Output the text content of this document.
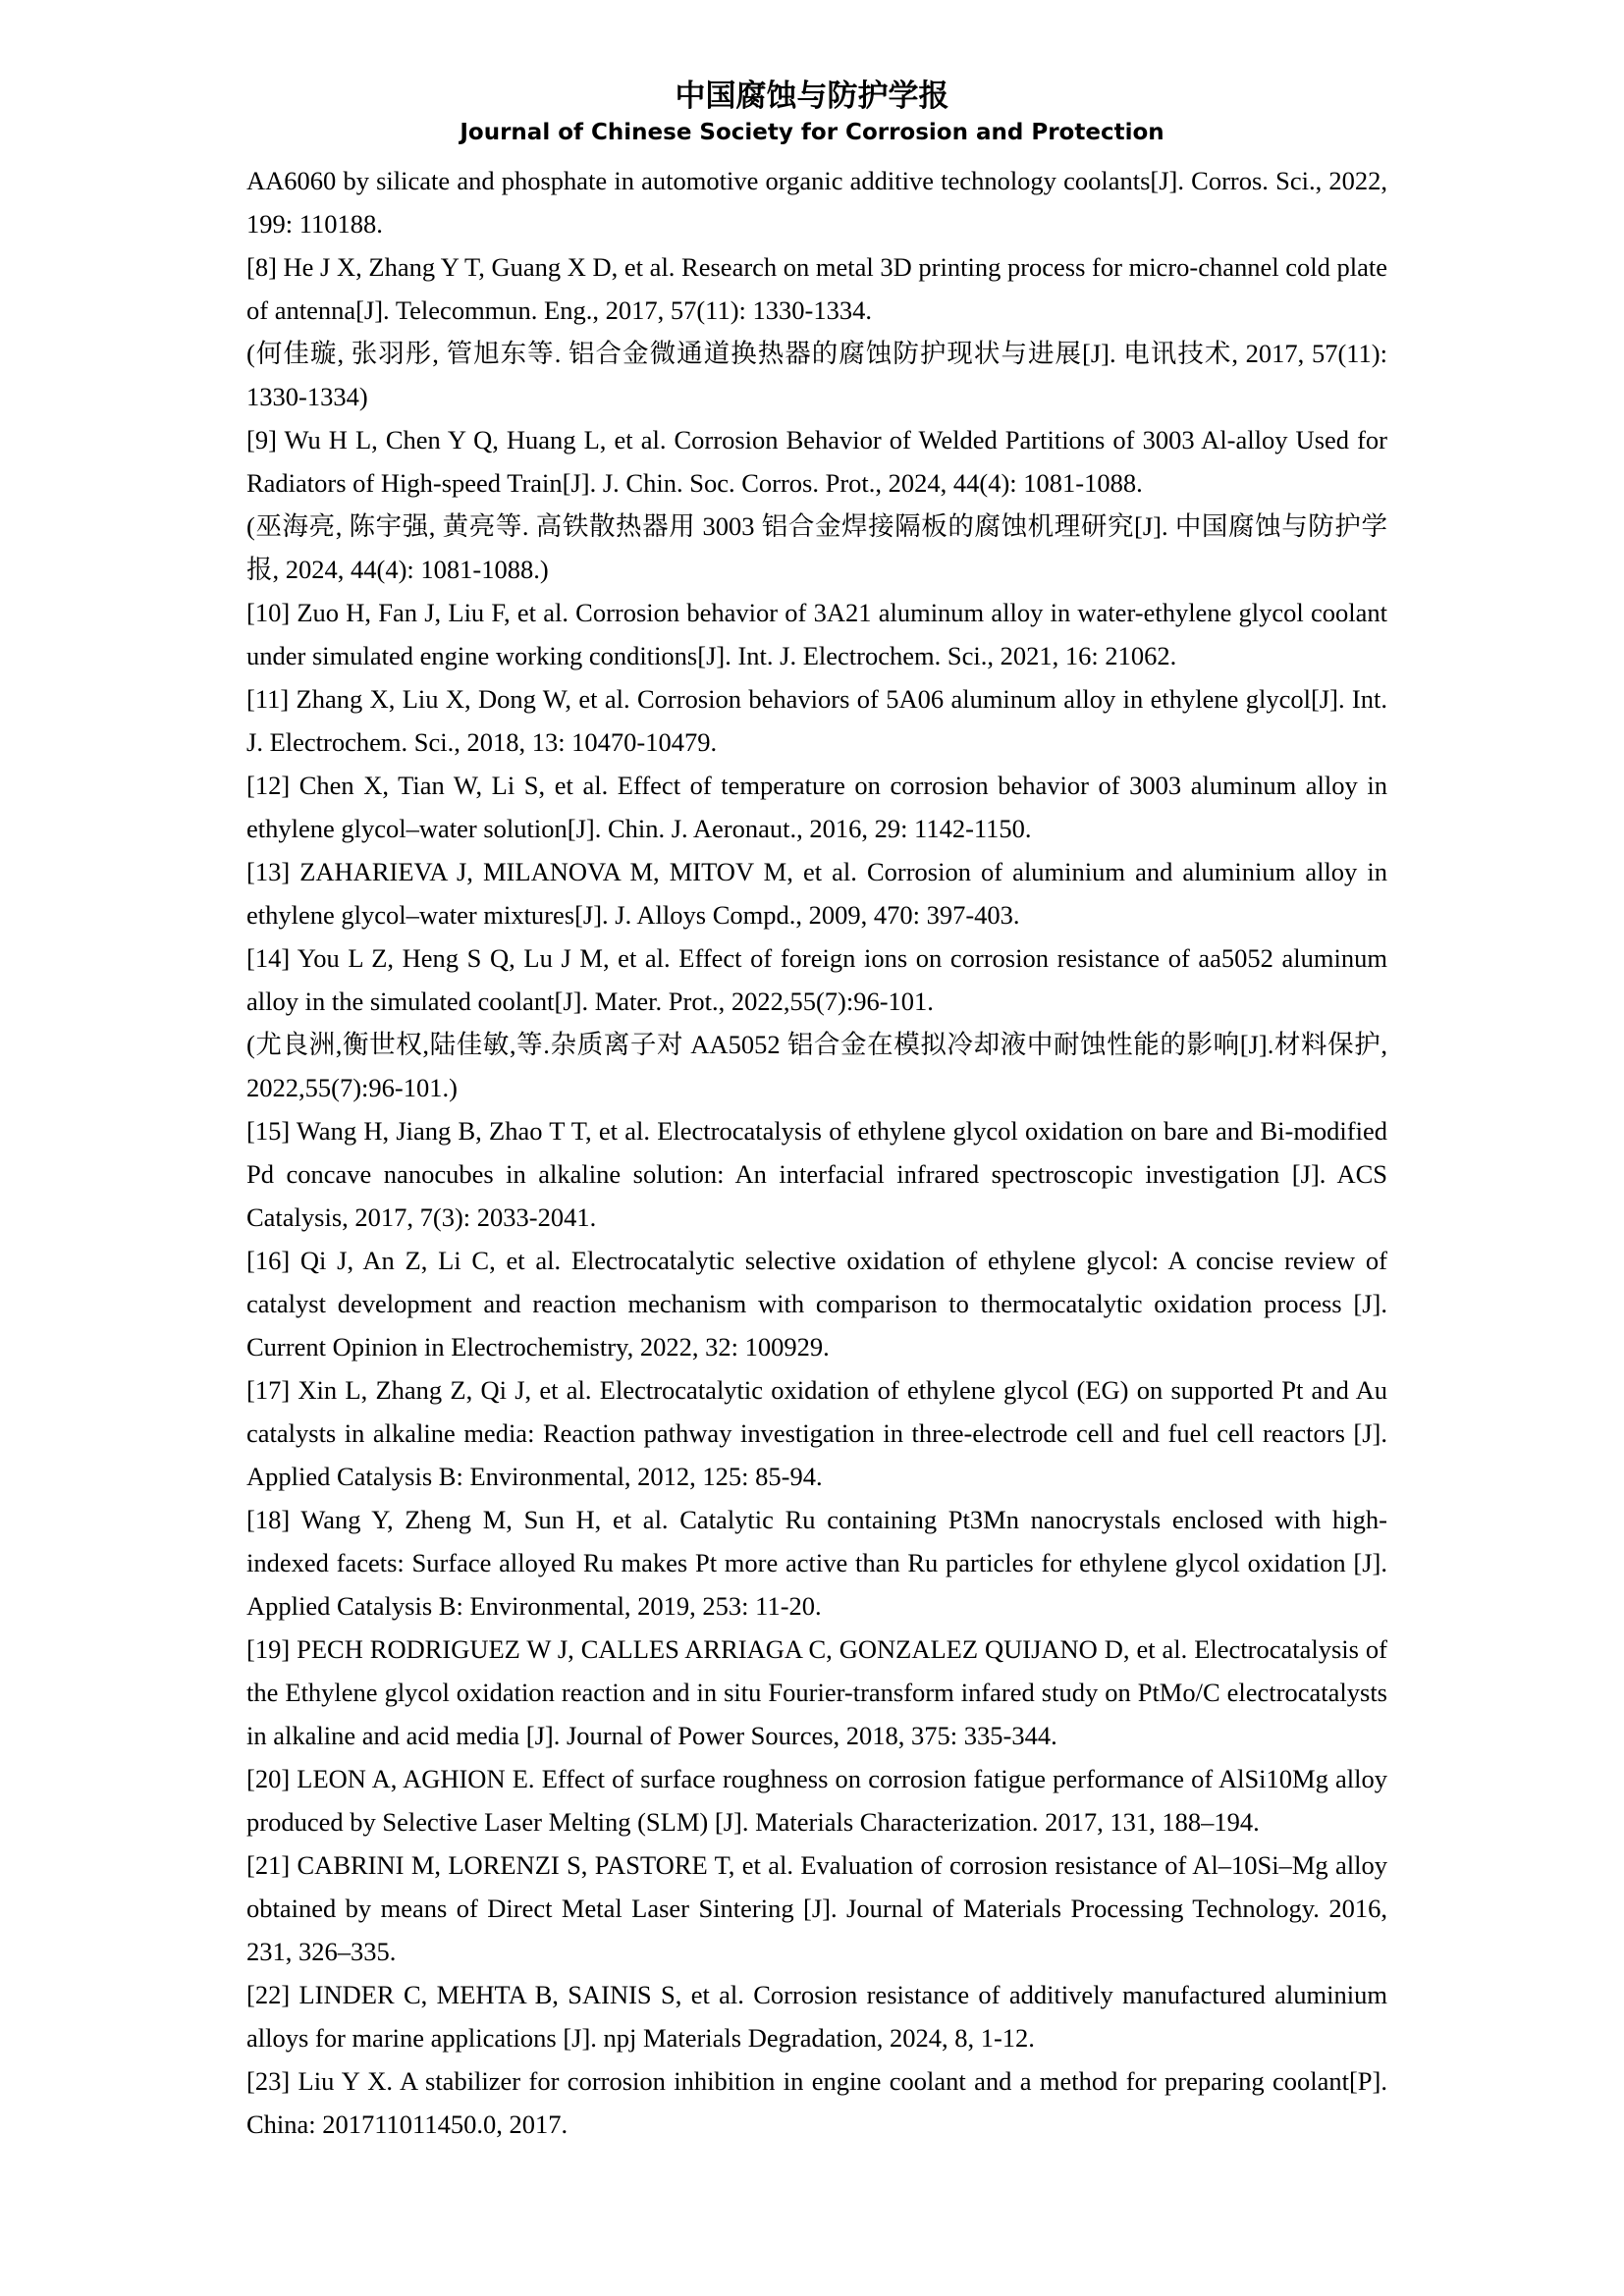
中国腐蚀与防护学报
Journal of Chinese Society for Corrosion and Protection

AA6060 by silicate and phosphate in automotive organic additive technology coolants[J]. Corros. Sci., 2022, 199: 110188.

[8] He J X, Zhang Y T, Guang X D, et al. Research on metal 3D printing process for micro-channel cold plate of antenna[J]. Telecommun. Eng., 2017, 57(11): 1330-1334.

(何佳璇, 张羽彤, 管旭东等. 铝合金微通道换热器的腐蚀防护现状与进展[J]. 电讯技术, 2017, 57(11): 1330-1334)

[9] Wu H L, Chen Y Q, Huang L, et al. Corrosion Behavior of Welded Partitions of 3003 Al-alloy Used for Radiators of High-speed Train[J]. J. Chin. Soc. Corros. Prot., 2024, 44(4): 1081-1088.

(巫海亮, 陈宇强, 黄亮等. 高铁散热器用 3003 铝合金焊接隔板的腐蚀机理研究[J]. 中国腐蚀与防护学报, 2024, 44(4): 1081-1088.)

[10] Zuo H, Fan J, Liu F, et al. Corrosion behavior of 3A21 aluminum alloy in water-ethylene glycol coolant under simulated engine working conditions[J]. Int. J. Electrochem. Sci., 2021, 16: 21062.

[11] Zhang X, Liu X, Dong W, et al. Corrosion behaviors of 5A06 aluminum alloy in ethylene glycol[J]. Int. J. Electrochem. Sci., 2018, 13: 10470-10479.

[12] Chen X, Tian W, Li S, et al. Effect of temperature on corrosion behavior of 3003 aluminum alloy in ethylene glycol–water solution[J]. Chin. J. Aeronaut., 2016, 29: 1142-1150.

[13] ZAHARIEVA J, MILANOVA M, MITOV M, et al. Corrosion of aluminium and aluminium alloy in ethylene glycol–water mixtures[J]. J. Alloys Compd., 2009, 470: 397-403.

[14] You L Z, Heng S Q, Lu J M, et al. Effect of foreign ions on corrosion resistance of aa5052 aluminum alloy in the simulated coolant[J]. Mater. Prot., 2022,55(7):96-101.

(尤良洲,衡世权,陆佳敏,等.杂质离子对 AA5052 铝合金在模拟冷却液中耐蚀性能的影响[J].材料保护, 2022,55(7):96-101.)

[15] Wang H, Jiang B, Zhao T T, et al. Electrocatalysis of ethylene glycol oxidation on bare and Bi-modified Pd concave nanocubes in alkaline solution: An interfacial infrared spectroscopic investigation [J]. ACS Catalysis, 2017, 7(3): 2033-2041.

[16] Qi J, An Z, Li C, et al. Electrocatalytic selective oxidation of ethylene glycol: A concise review of catalyst development and reaction mechanism with comparison to thermocatalytic oxidation process [J]. Current Opinion in Electrochemistry, 2022, 32: 100929.

[17] Xin L, Zhang Z, Qi J, et al. Electrocatalytic oxidation of ethylene glycol (EG) on supported Pt and Au catalysts in alkaline media: Reaction pathway investigation in three-electrode cell and fuel cell reactors [J]. Applied Catalysis B: Environmental, 2012, 125: 85-94.

[18] Wang Y, Zheng M, Sun H, et al. Catalytic Ru containing Pt3Mn nanocrystals enclosed with high-indexed facets: Surface alloyed Ru makes Pt more active than Ru particles for ethylene glycol oxidation [J]. Applied Catalysis B: Environmental, 2019, 253: 11-20.

[19] PECH RODRIGUEZ W J, CALLES ARRIAGA C, GONZALEZ QUIJANO D, et al. Electrocatalysis of the Ethylene glycol oxidation reaction and in situ Fourier-transform infared study on PtMo/C electrocatalysts in alkaline and acid media [J]. Journal of Power Sources, 2018, 375: 335-344.

[20] LEON A, AGHION E. Effect of surface roughness on corrosion fatigue performance of AlSi10Mg alloy produced by Selective Laser Melting (SLM) [J]. Materials Characterization. 2017, 131, 188–194.

[21] CABRINI M, LORENZI S, PASTORE T, et al. Evaluation of corrosion resistance of Al–10Si–Mg alloy obtained by means of Direct Metal Laser Sintering [J]. Journal of Materials Processing Technology. 2016, 231, 326–335.

[22] LINDER C, MEHTA B, SAINIS S, et al. Corrosion resistance of additively manufactured aluminium alloys for marine applications [J]. npj Materials Degradation, 2024, 8, 1-12.

[23] Liu Y X. A stabilizer for corrosion inhibition in engine coolant and a method for preparing coolant[P]. China: 201711011450.0, 2017.
